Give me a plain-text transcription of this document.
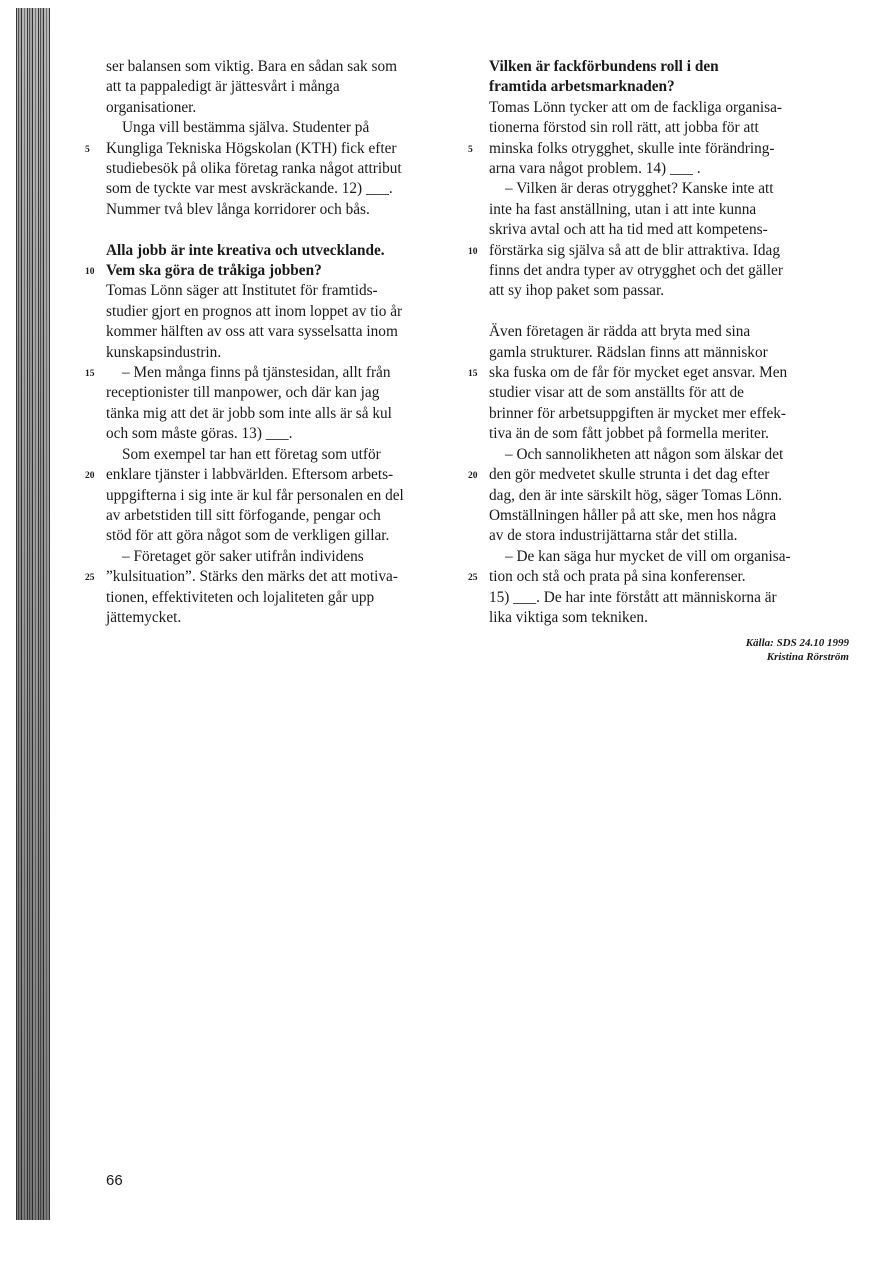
ser balansen som viktig. Bara en sådan sak som
att ta pappaledigt är jättesvårt i många
organisationer.
Unga vill bestämma själva. Studenter på
5	Kungliga Tekniska Högskolan (KTH) fick efter
studiebesök på olika företag ranka något attribut
som de tyckte var mest avskräckande. 12) ___.
Nummer två blev långa korridorer och bås.
Alla jobb är inte kreativa och utvecklande.
10 Vem ska göra de tråkiga jobben?
Tomas Lönn säger att Institutet för framtids-
studier gjort en prognos att inom loppet av tio år
kommer hälften av oss att vara sysselsatta inom
kunskapsindustrin.
15	– Men många finns på tjänstesidan, allt från
receptionister till manpower, och där kan jag
tänka mig att det är jobb som inte alls är så kul
och som måste göras. 13) ___.
Som exempel tar han ett företag som utför
20 enklare tjänster i labbvärlden. Eftersom arbets-
uppgifterna i sig inte är kul får personalen en del
av arbetstiden till sitt förfogande, pengar och
stöd för att göra något som de verkligen gillar.
– Företaget gör saker utifrån individens
25 ”kulsituation”. Stärks den märks det att motiva-
tionen, effektiviteten och lojaliteten går upp
jättemycket.
Vilken är fackförbundens roll i den
framtida arbetsmarknaden?
Tomas Lönn tycker att om de fackliga organisa-
tionerna förstod sin roll rätt, att jobba för att
5	minska folks otrygghet, skulle inte förändring-
arna vara något problem. 14) ___ .
– Vilken är deras otrygghet? Kanske inte att
inte ha fast anställning, utan i att inte kunna
skriva avtal och att ha tid med att kompetens-
10 förstärka sig själva så att de blir attraktiva. Idag
finns det andra typer av otrygghet och det gäller
att sy ihop paket som passar.
Även företagen är rädda att bryta med sina
gamla strukturer. Rädslan finns att människor
15 ska fuska om de får för mycket eget ansvar. Men
studier visar att de som anställts för att de
brinner för arbetsuppgiften är mycket mer effek-
tiva än de som fått jobbet på formella meriter.
– Och sannolikheten att någon som älskar det
20 den gör medvetet skulle strunta i det dag efter
dag, den är inte särskilt hög, säger Tomas Lönn.
Omställningen håller på att ske, men hos några
av de stora industrijättarna står det stilla.
– De kan säga hur mycket de vill om organisa-
25 tion och stå och prata på sina konferenser.
15) ___. De har inte förstått att människorna är
lika viktiga som tekniken.
Källa: SDS 24.10 1999
Kristina Rörström
66
